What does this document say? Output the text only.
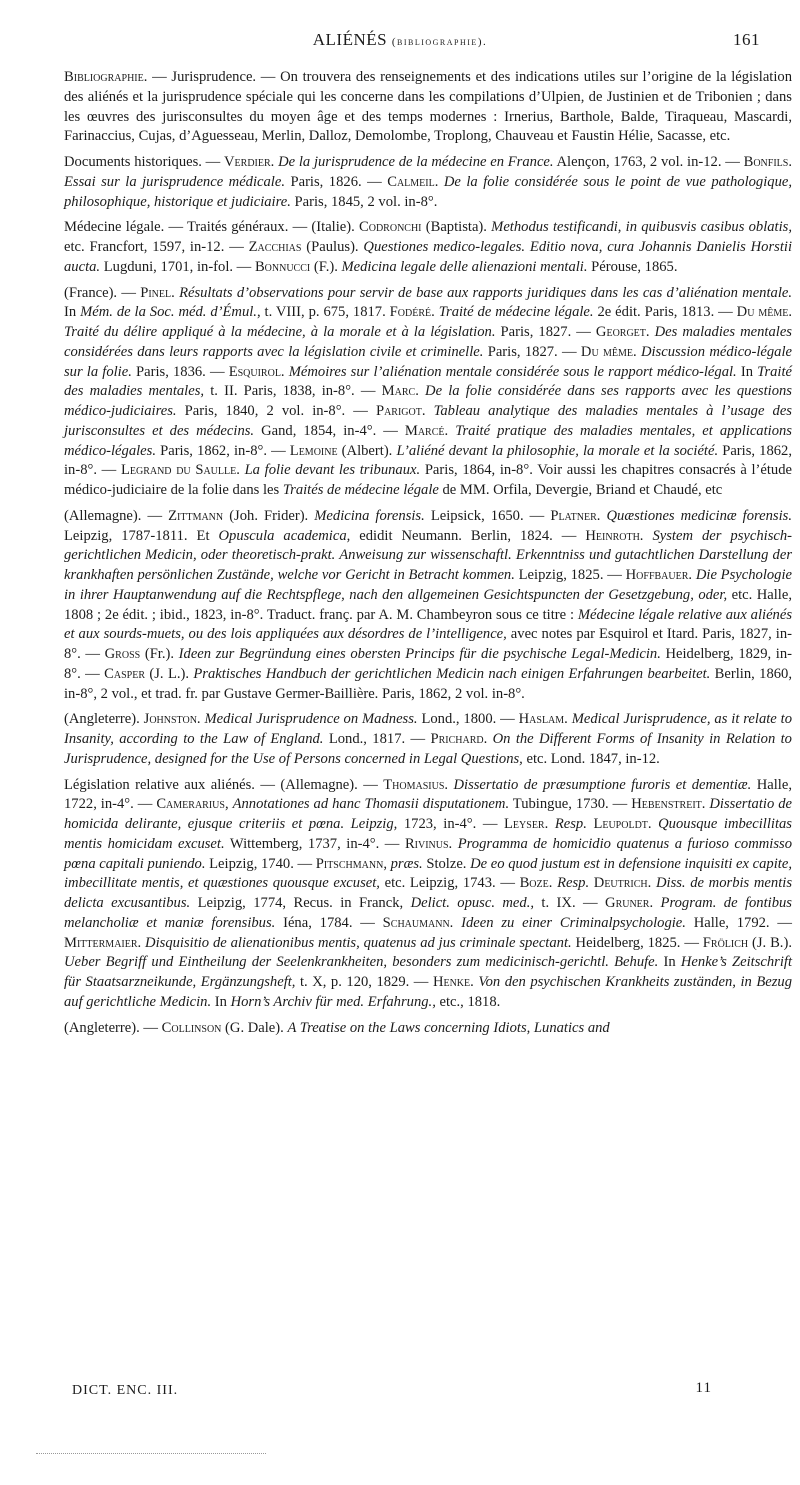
ALIÉNÉS (bibliographie).	161

Bibliographie. — Jurisprudence. — On trouvera des renseignements et des indications utiles sur l’origine de la législation des aliénés et la jurisprudence spéciale qui les concerne dans les compilations d’Ulpien, de Justinien et de Tribonien ; dans les œuvres des jurisconsultes du moyen âge et des temps modernes : Irnerius, Barthole, Balde, Tiraqueau, Mascardi, Farinaccius, Cujas, d’Aguesseau, Merlin, Dalloz, Demolombe, Troplong, Chauveau et Faustin Hélie, Sacasse, etc.

Documents historiques. — Verdier. De la jurisprudence de la médecine en France. Alençon, 1763, 2 vol. in-12. — Bonfils. Essai sur la jurisprudence médicale. Paris, 1826. — Calmeil. De la folie considérée sous le point de vue pathologique, philosophique, historique et judiciaire. Paris, 1845, 2 vol. in-8°.

Médecine légale. — Traités généraux. — (Italie). Codronchi (Baptista). Methodus testificandi, in quibusvis casibus oblatis, etc. Francfort, 1597, in-12. — Zacchias (Paulus). Questiones medico-legales. Editio nova, cura Johannis Danielis Horstii aucta. Lugduni, 1701, in-fol. — Bonnucci (F.). Medicina legale delle alienazioni mentali. Pérouse, 1865.

(France). — Pinel. Résultats d’observations pour servir de base aux rapports juridiques dans les cas d’aliénation mentale. In Mém. de la Soc. méd. d’Émul., t. VIII, p. 675, 1817. Fodéré. Traité de médecine légale. 2e édit. Paris, 1813. — Du même. Traité du délire appliqué à la médecine, à la morale et à la législation. Paris, 1827. — Georget. Des maladies mentales considérées dans leurs rapports avec la législation civile et criminelle. Paris, 1827. — Du même. Discussion médico-légale sur la folie. Paris, 1836. — Esquirol. Mémoires sur l’aliénation mentale considérée sous le rapport médico-légal. In Traité des maladies mentales, t. II. Paris, 1838, in-8°. — Marc. De la folie considérée dans ses rapports avec les questions médico-judiciaires. Paris, 1840, 2 vol. in-8°. — Parigot. Tableau analytique des maladies mentales à l’usage des jurisconsultes et des médecins. Gand, 1854, in-4°. — Marcé. Traité pratique des maladies mentales, et applications médico-légales. Paris, 1862, in-8°. — Lemoine (Albert). L’aliéné devant la philosophie, la morale et la société. Paris, 1862, in-8°. — Legrand du Saulle. La folie devant les tribunaux. Paris, 1864, in-8°. Voir aussi les chapitres consacrés à l’étude médico-judiciaire de la folie dans les Traités de médecine légale de MM. Orfila, Devergie, Briand et Chaudé, etc

(Allemagne). — Zittmann (Joh. Frider). Medicina forensis. Leipsick, 1650. — Platner. Quæstiones medicinæ forensis. Leipzig, 1787-1811. Et Opuscula academica, edidit Neumann. Berlin, 1824. — Heinroth. System der psychisch-gerichtlichen Medicin, oder theoretisch-prakt. Anweisung zur wissenschaftl. Erkenntniss und gutachtlichen Darstellung der krankhaften persönlichen Zustände, welche vor Gericht in Betracht kommen. Leipzig, 1825. — Hoffbauer. Die Psychologie in ihrer Hauptanwendung auf die Rechtspflege, nach den allgemeinen Gesichtspuncten der Gesetzgebung, oder, etc. Halle, 1808 ; 2e édit. ; ibid., 1823, in-8°. Traduct. franç. par A. M. Chambeyron sous ce titre : Médecine légale relative aux aliénés et aux sourds-muets, ou des lois appliquées aux désordres de l’intelligence, avec notes par Esquirol et Itard. Paris, 1827, in-8°. — Gross (Fr.). Ideen zur Begründung eines obersten Princips für die psychische Legal-Medicin. Heidelberg, 1829, in-8°. — Casper (J. L.). Praktisches Handbuch der gerichtlichen Medicin nach einigen Erfahrungen bearbeitet. Berlin, 1860, in-8°, 2 vol., et trad. fr. par Gustave Germer-Baillière. Paris, 1862, 2 vol. in-8°.

(Angleterre). Johnston. Medical Jurisprudence on Madness. Lond., 1800. — Haslam. Medical Jurisprudence, as it relate to Insanity, according to the Law of England. Lond., 1817. — Prichard. On the Different Forms of Insanity in Relation to Jurisprudence, designed for the Use of Persons concerned in Legal Questions, etc. Lond. 1847, in-12.

Législation relative aux aliénés. — (Allemagne). — Thomasius. Dissertatio de præsumptione furoris et dementiæ. Halle, 1722, in-4°. — Camerarius, Annotationes ad hanc Thomasii disputationem. Tubingue, 1730. — Hebenstreit. Dissertatio de homicida delirante, ejusque criteriis et pœna. Leipzig, 1723, in-4°. — Leyser. Resp. Leupoldt. Quousque imbecillitas mentis homicidam excuset. Wittemberg, 1737, in-4°. — Rivinus. Programma de homicidio quatenus a furioso commisso pœna capitali puniendo. Leipzig, 1740. — Pitschmann, præs. Stolze. De eo quod justum est in defensione inquisiti ex capite, imbecillitate mentis, et quæstiones quousque excuset, etc. Leipzig, 1743. — Boze. Resp. Deutrich. Diss. de morbis mentis delicta excusantibus. Leipzig, 1774, Recus. in Franck, Delict. opusc. med., t. IX. — Gruner. Program. de fontibus melancholiæ et maniæ forensibus. Iéna, 1784. — Schaumann. Ideen zu einer Criminalpsychologie. Halle, 1792. — Mittermaier. Disquisitio de alienationibus mentis, quatenus ad jus criminale spectant. Heidelberg, 1825. — Frölich (J. B.). Ueber Begriff und Eintheilung der Seelenkrankheiten, besonders zum medicinisch-gerichtl. Behufe. In Henke’s Zeitschrift für Staatsarzneikunde, Ergänzungsheft, t. X, p. 120, 1829. — Henke. Von den psychischen Krankheits zuständen, in Bezug auf gerichtliche Medicin. In Horn’s Archiv für med. Erfahrung., etc., 1818.

(Angleterre). — Collinson (G. Dale). A Treatise on the Laws concerning Idiots, Lunatics and

DICT. ENC. III.	11
